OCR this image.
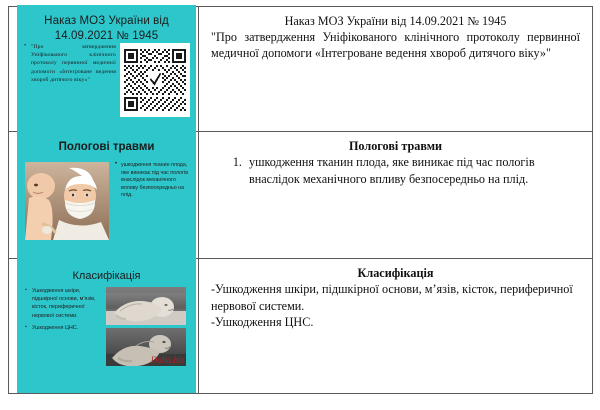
Наказ МОЗ України від 14.09.2021 № 1945
• "Про затвердження Уніфікованого клінічного протоколу первинної медичної допомоги «Інтегроване ведення хвороб дитячого віку»"

Наказ МОЗ України від 14.09.2021 № 1945
"Про затвердження Уніфікованого клінічного протоколу первинної медичної допомоги «Інтегроване ведення хвороб дитячого віку»"

Пологові травми
• ушкодження тканин плода, яке виникає під час пологів внаслідок механічного впливу безпосередньо на плід.

Пологові травми
1. ушкодження тканин плода, яке виникає під час пологів внаслідок механічного впливу безпосередньо на плід.

Класифікація
▪ Ушкодження шкіри, підшкірної основи, м’язів, кісток, периферичної нервової системи.
▪ Ушкодження ЦНС.
Dollo.biz

Класифікація
-Ушкодження шкіри, підшкірної основи, м’язів, кісток, периферичної нервової системи.
-Ушкодження ЦНС.
